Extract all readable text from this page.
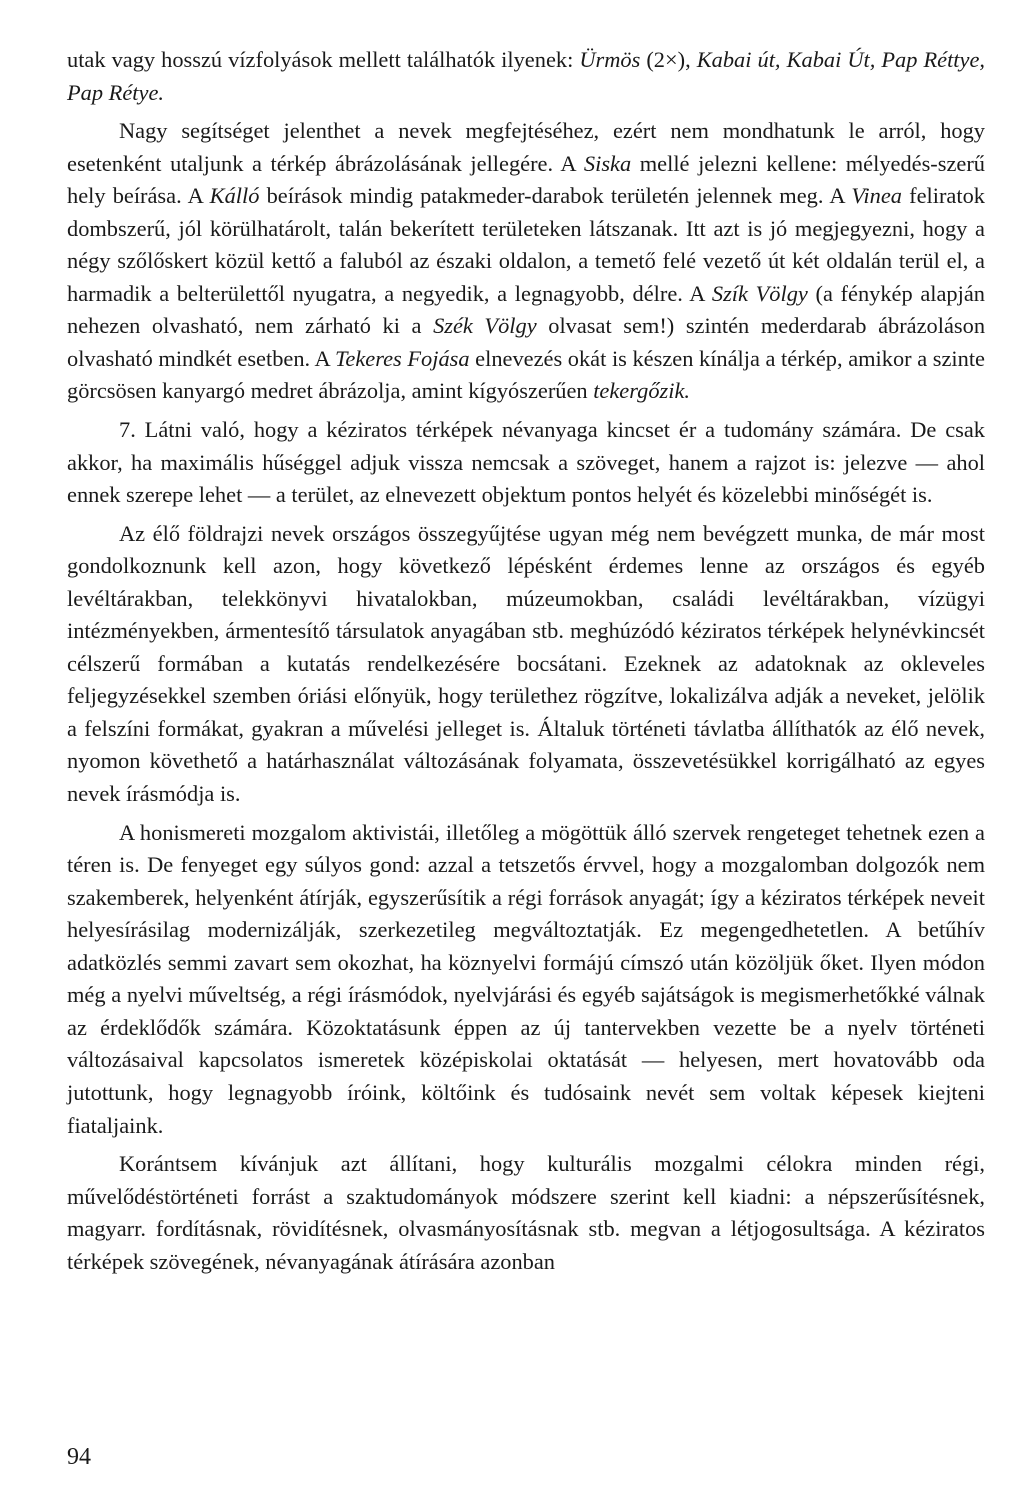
utak vagy hosszú vízfolyások mellett találhatók ilyenek: Ürmös (2×), Kabai út, Kabai Út, Pap Réttye, Pap Rétye.

Nagy segítséget jelenthet a nevek megfejtéséhez, ezért nem mondhatunk le arról, hogy esetenként utaljunk a térkép ábrázolásának jellegére. A Siska mellé jelezni kellene: mélyedés-szerű hely beírása. A Kálló beírások mindig patakmeder-darabok területén jelennek meg. A Vinea feliratok dombszerű, jól körülhatárolt, talán bekerített területeken látszanak. Itt azt is jó megjegyezni, hogy a négy szőlőskert közül kettő a faluból az északi oldalon, a temető felé vezető út két oldalán terül el, a harmadik a belterülettől nyugatra, a negyedik, a legnagyobb, délre. A Szík Völgy (a fénykép alapján nehezen olvasható, nem zárható ki a Szék Völgy olvasat sem!) szintén mederdarab ábrázoláson olvasható mindkét esetben. A Tekeres Fojása elnevezés okát is készen kínálja a térkép, amikor a szinte görcsösen kanyargó medret ábrázolja, amint kígyószerűen tekergőzik.

7. Látni való, hogy a kéziratos térképek névanyaga kincset ér a tudomány számára. De csak akkor, ha maximális hűséggel adjuk vissza nemcsak a szöveget, hanem a rajzot is: jelezve — ahol ennek szerepe lehet — a terület, az elnevezett objektum pontos helyét és közelebbi minőségét is.

Az élő földrajzi nevek országos összegyűjtése ugyan még nem bevégzett munka, de már most gondolkoznunk kell azon, hogy következő lépésként érdemes lenne az országos és egyéb levéltárakban, telekkönyvi hivatalokban, múzeumokban, családi levéltárakban, vízügyi intézményekben, ármentesítő társulatok anyagában stb. meghúzódó kéziratos térképek helynévkincsét célszerű formában a kutatás rendelkezésére bocsátani. Ezeknek az adatoknak az okleveles feljegyzésekkel szemben óriási előnyük, hogy területhez rögzítve, lokalizálva adják a neveket, jelölik a felszíni formákat, gyakran a művelési jelleget is. Általuk történeti távlatba állíthatók az élő nevek, nyomon követhető a határhasználat változásának folyamata, összevetésükkel korrigálható az egyes nevek írásmódja is.

A honismereti mozgalom aktivistái, illetőleg a mögöttük álló szervek rengeteget tehetnek ezen a téren is. De fenyeget egy súlyos gond: azzal a tetszetős érvvel, hogy a mozgalomban dolgozók nem szakemberek, helyenként átírják, egyszerűsítik a régi források anyagát; így a kéziratos térképek neveit helyesírásilag modernizálják, szerkezetileg megváltoztatják. Ez megengedhetetlen. A betűhív adatközlés semmi zavart sem okozhat, ha köznyelvi formájú címszó után közöljük őket. Ilyen módon még a nyelvi műveltség, a régi írásmódok, nyelvjárási és egyéb sajátságok is megismerhetőkké válnak az érdeklődők számára. Közoktatásunk éppen az új tantervekben vezette be a nyelv történeti változásaival kapcsolatos ismeretek középiskolai oktatását — helyesen, mert hovatovább oda jutottunk, hogy legnagyobb íróink, költőink és tudósaink nevét sem voltak képesek kiejteni fiataljaink.

Korántsem kívánjuk azt állítani, hogy kulturális mozgalmi célokra minden régi, művelődéstörténeti forrást a szaktudományok módszere szerint kell kiadni: a népszerűsítésnek, magyarr. fordításnak, rövidítésnek, olvasmányosításnak stb. megvan a létjogosultsága. A kéziratos térképek szövegének, névanyagának átírására azonban

94
